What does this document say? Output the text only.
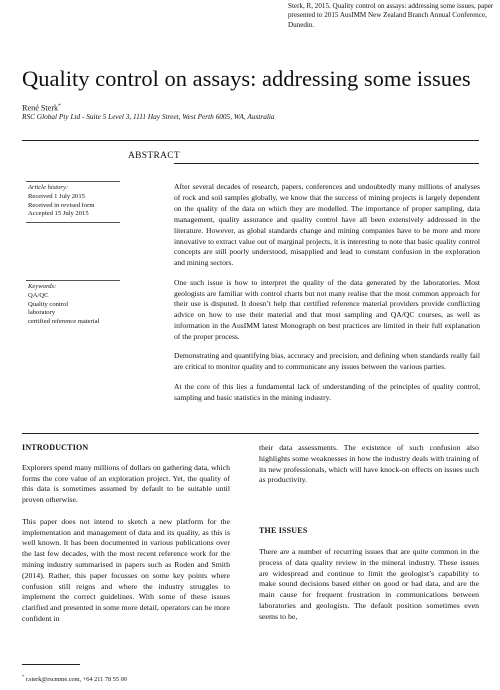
Sterk, R, 2015. Quality control on assays: addressing some issues, paper presented to 2015 AusIMM New Zealand Branch Annual Conference, Dunedin.
Quality control on assays: addressing some issues
René Sterk*
RSC Global Pty Ltd - Suite 5 Level 3, 1111 Hay Street, West Perth 6005, WA, Australia
ABSTRACT
Article history:
Received 1 July 2015
Received in revised form
Accepted 15 July 2015
Keywords:
QA/QC
Quality control
laboratory
certified reference material

After several decades of research, papers, conferences and undoubtedly many millions of analyses of rock and soil samples globally, we know that the success of mining projects is largely dependent on the quality of the data on which they are modelled. The importance of proper sampling, data management, quality assurance and quality control have all been extensively addressed in the literature. However, as global standards change and mining companies have to be more and more innovative to extract value out of marginal projects, it is interesting to note that basic quality control concepts are still poorly understood, misapplied and lead to constant confusion in the exploration and mining sectors.

One such issue is how to interpret the quality of the data generated by the laboratories. Most geologists are familiar with control charts but not many realise that the most common approach for their use is disputed. It doesn’t help that certified reference material providers provide conflicting advice on how to use their material and that most sampling and QA/QC courses, as well as information in the AusIMM latest Monograph on best practices are limited in their full explanation of the proper process.

Demonstrating and quantifying bias, accuracy and precision, and defining when standards really fail are critical to monitor quality and to communicate any issues between the various parties.

At the core of this lies a fundamental lack of understanding of the principles of quality control, sampling and basic statistics in the mining industry.

INTRODUCTION

Explorers spend many millions of dollars on gathering data, which forms the core value of an exploration project. Yet, the quality of this data is sometimes assumed by default to be suitable until proven otherwise.

This paper does not intend to sketch a new platform for the implementation and management of data and its quality, as this is well known. It has been documented in various publications over the last few decades, with the most recent reference work for the mining industry summarised in papers such as Roden and Smith (2014). Rather, this paper focusses on some key points where confusion still reigns and where the industry struggles to implement the correct guidelines. With some of these issues clarified and presented in some more detail, operators can be more confident in

their data assessments. The existence of such confusion also highlights some weaknesses in how the industry deals with training of its new professionals, which will have knock-on effects on issues such as productivity.

THE ISSUES

There are a number of recurring issues that are quite common in the process of data quality review in the mineral industry. These issues are widespread and continue to limit the geologist’s capability to make sound decisions based either on good or bad data, and are the main cause for frequent frustration in communications between laboratories and geologists. The default position sometimes even seems to be,

* r.sterk@rscmme.com, +64 211 78 55 00
